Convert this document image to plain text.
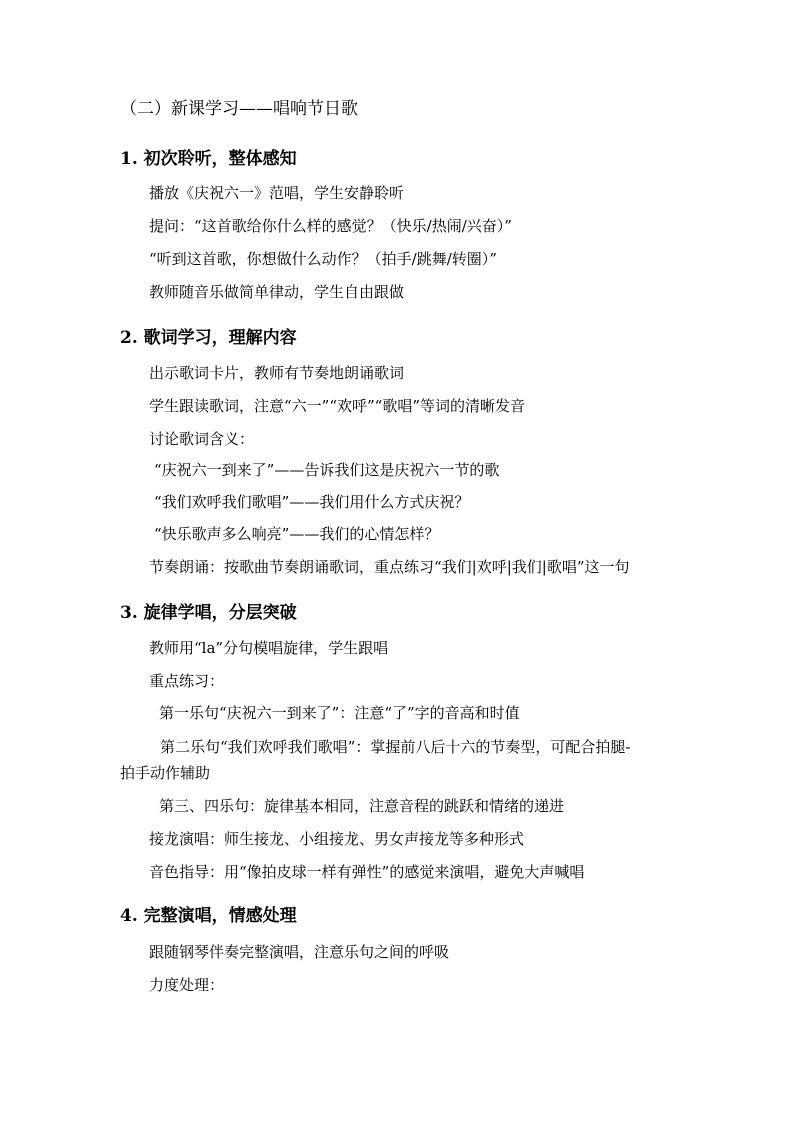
（二）新课学习——唱响节日歌
1. 初次聆听，整体感知
播放《庆祝六一》范唱，学生安静聆听
提问：“这首歌给你什么样的感觉？（快乐/热闹/兴奋）”
“听到这首歌，你想做什么动作？（拍手/跳舞/转圈）”
教师随音乐做简单律动，学生自由跟做
2. 歌词学习，理解内容
出示歌词卡片，教师有节奏地朗诵歌词
学生跟读歌词，注意“六一”“欢呼”“歌唱”等词的清晰发音
讨论歌词含义：
“庆祝六一到来了”——告诉我们这是庆祝六一节的歌
“我们欢呼我们歌唱”——我们用什么方式庆祝？
“快乐歌声多么响亮”——我们的心情怎样？
节奏朗诵：按歌曲节奏朗诵歌词，重点练习“我们|欢呼|我们|歌唱”这一句
3. 旋律学唱，分层突破
教师用“la”分句模唱旋律，学生跟唱
重点练习：
第一乐句“庆祝六一到来了”：注意“了”字的音高和时值
第二乐句“我们欢呼我们歌唱”：掌握前八后十六的节奏型，可配合拍腿-
拍手动作辅助
第三、四乐句：旋律基本相同，注意音程的跳跃和情绪的递进
接龙演唱：师生接龙、小组接龙、男女声接龙等多种形式
音色指导：用“像拍皮球一样有弹性”的感觉来演唱，避免大声喊唱
4. 完整演唱，情感处理
跟随钢琴伴奏完整演唱，注意乐句之间的呼吸
力度处理：
